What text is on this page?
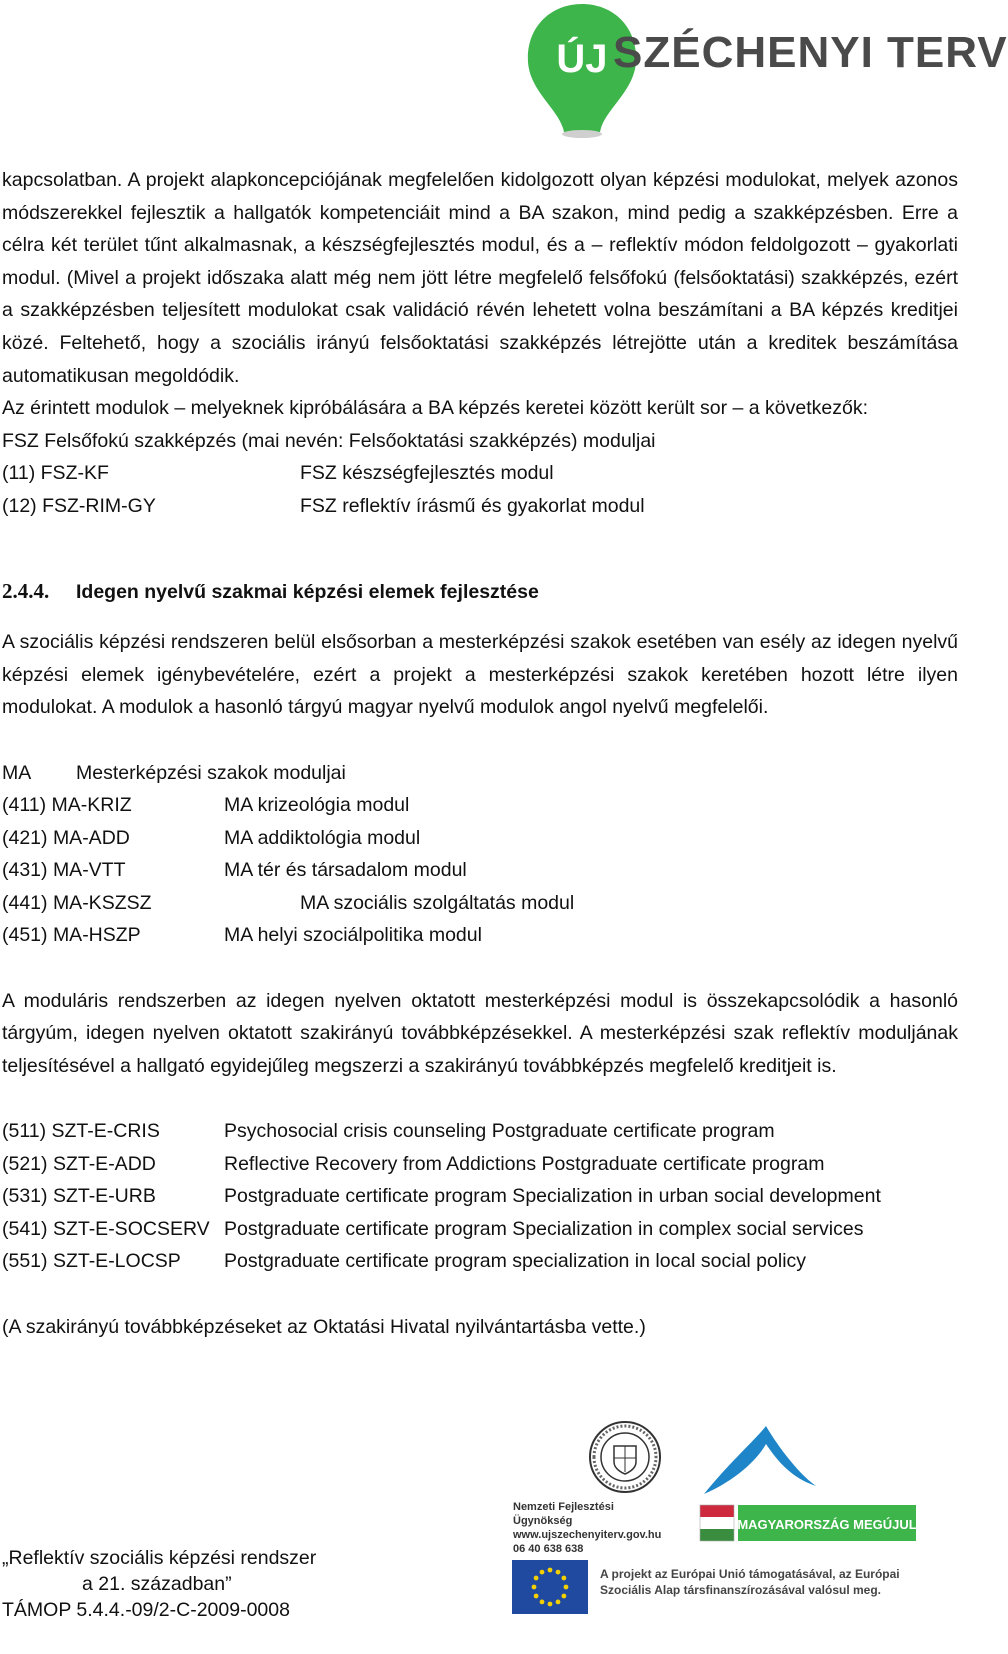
ÚJ SZÉCHENYI TERV

kapcsolatban. A projekt alapkoncepciójának megfelelően kidolgozott olyan képzési modulokat, melyek azonos módszerekkel fejlesztik a hallgatók kompetenciáit mind a BA szakon, mind pedig a szakképzésben. Erre a célra két terület tűnt alkalmasnak, a készségfejlesztés modul, és a – reflektív módon feldolgozott – gyakorlati modul. (Mivel a projekt időszaka alatt még nem jött létre megfelelő felsőfokú (felsőoktatási) szakképzés, ezért a szakképzésben teljesített modulokat csak validáció révén lehetett volna beszámítani a BA képzés kreditjei közé. Feltehető, hogy a szociális irányú felsőoktatási szakképzés létrejötte után a kreditek beszámítása automatikusan megoldódik.

Az érintett modulok – melyeknek kipróbálására a BA képzés keretei között került sor – a következők:

FSZ Felsőfokú szakképzés (mai nevén: Felsőoktatási szakképzés) moduljai

(11) FSZ-KF	FSZ készségfejlesztés modul
(12) FSZ-RIM-GY	FSZ reflektív írásmű és gyakorlat modul
2.4.4.	Idegen nyelvű szakmai képzési elemek fejlesztése

A szociális képzési rendszeren belül elsősorban a mesterképzési szakok esetében van esély az idegen nyelvű képzési elemek igénybevételére, ezért a projekt a mesterképzési szakok keretében hozott létre ilyen modulokat. A modulok a hasonló tárgyú magyar nyelvű modulok angol nyelvű megfelelői.

MA	Mesterképzési szakok moduljai
(411) MA-KRIZ	MA krizeológia modul
(421) MA-ADD	MA addiktológia modul
(431) MA-VTT	MA tér és társadalom modul
(441) MA-KSZSZ	MA szociális szolgáltatás modul
(451) MA-HSZP	MA helyi szociálpolitika modul

A moduláris rendszerben az idegen nyelven oktatott mesterképzési modul is összekapcsolódik a hasonló tárgyúm, idegen nyelven oktatott szakirányú továbbképzésekkel. A mesterképzési szak reflektív moduljának teljesítésével a hallgató egyidejűleg megszerzi a szakirányú továbbképzés megfelelő kreditjeit is.

(511) SZT-E-CRIS	Psychosocial crisis counseling Postgraduate certificate program
(521) SZT-E-ADD	Reflective Recovery from Addictions Postgraduate certificate program
(531) SZT-E-URB	Postgraduate certificate program Specialization in urban social development
(541) SZT-E-SOCSERV Postgraduate certificate program Specialization in complex social services
(551) SZT-E-LOCSP	Postgraduate certificate program specialization in local social policy

(A szakirányú továbbképzéseket az Oktatási Hivatal nyilvántartásba vette.)

Nemzeti Fejlesztési Ügynökség
www.ujszechenyiterv.gov.hu
06 40 638 638
MAGYARORSZÁG MEGÚJUL
A projekt az Európai Unió támogatásával, az Európai Szociális Alap társfinanszírozásával valósul meg.
„Reflektív szociális képzési rendszer
a 21. században”
TÁMOP 5.4.4.-09/2-C-2009-0008
